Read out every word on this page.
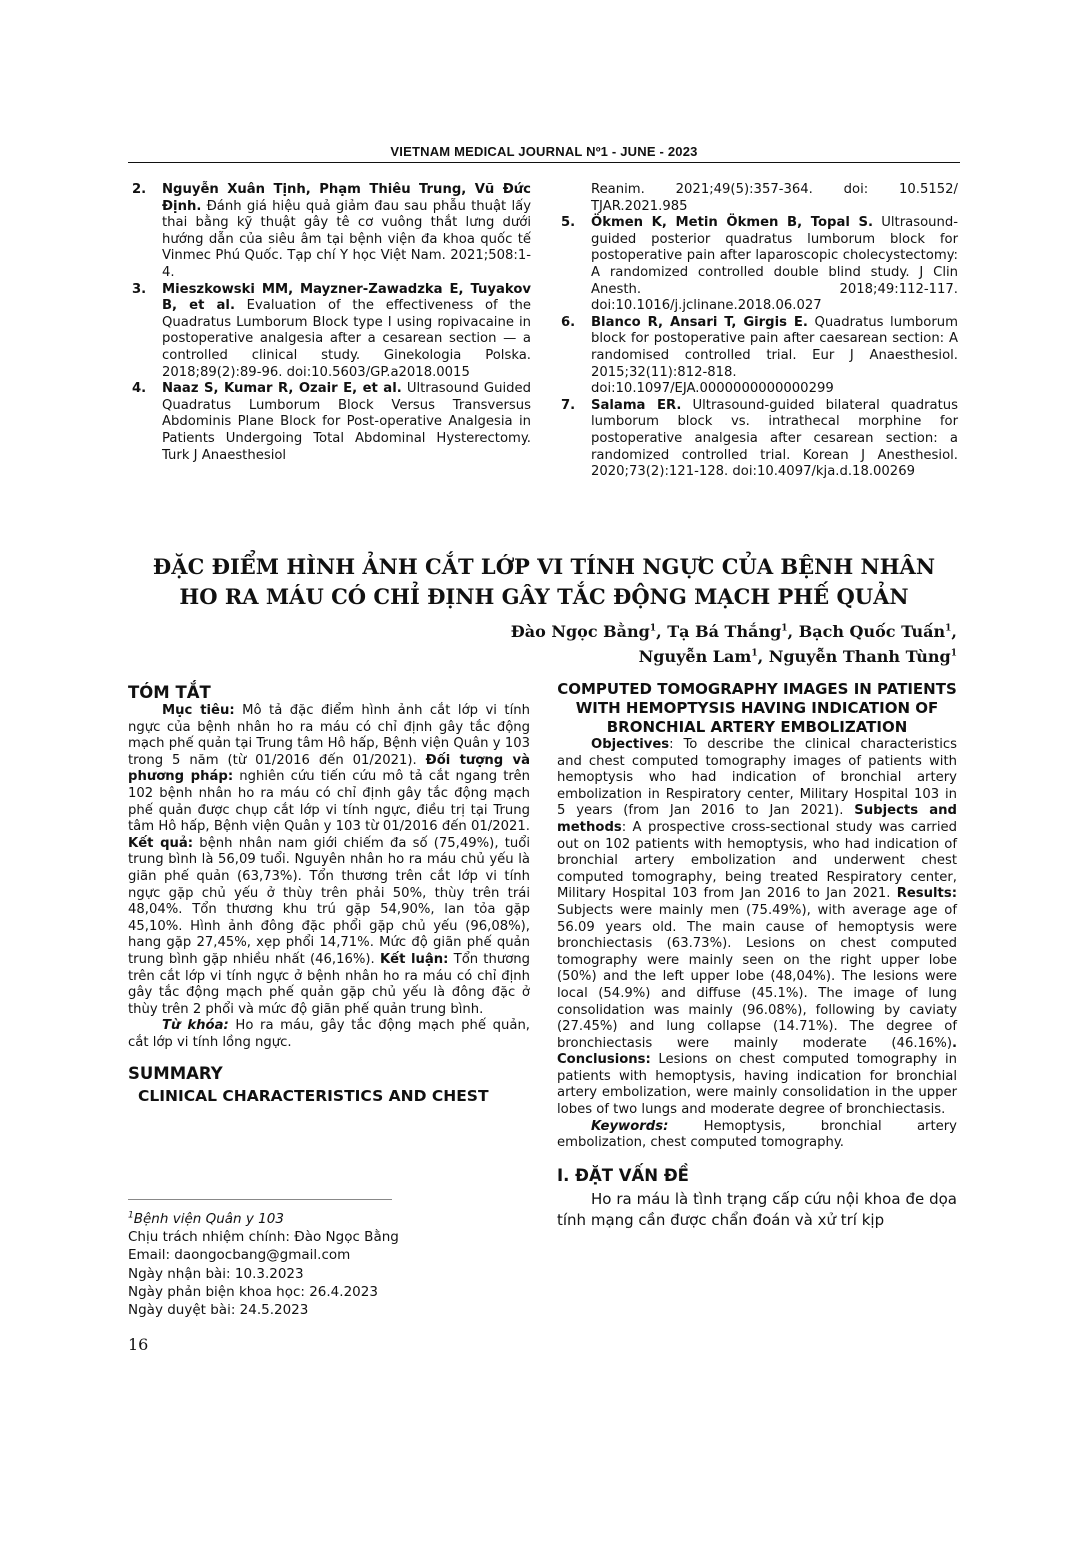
VIETNAM MEDICAL JOURNAL Nº1 - JUNE - 2023
2. Nguyễn Xuân Tịnh, Phạm Thiêu Trung, Vũ Đức Định. Đánh giá hiệu quả giảm đau sau phẫu thuật lấy thai bằng kỹ thuật gây tê cơ vuông thắt lưng dưới hướng dẫn của siêu âm tại bệnh viện đa khoa quốc tế Vinmec Phú Quốc. Tạp chí Y học Việt Nam. 2021;508:1-4.
3. Mieszkowski MM, Mayzner-Zawadzka E, Tuyakov B, et al. Evaluation of the effectiveness of the Quadratus Lumborum Block type I using ropivacaine in postoperative analgesia after a cesarean section — a controlled clinical study. Ginekologia Polska. 2018;89(2):89-96. doi:10.5603/GP.a2018.0015
4. Naaz S, Kumar R, Ozair E, et al. Ultrasound Guided Quadratus Lumborum Block Versus Transversus Abdominis Plane Block for Post-operative Analgesia in Patients Undergoing Total Abdominal Hysterectomy. Turk J Anaesthesiol
Reanim. 2021;49(5):357-364. doi: 10.5152/ TJAR.2021.985
5. Ökmen K, Metin Ökmen B, Topal S. Ultrasound-guided posterior quadratus lumborum block for postoperative pain after laparoscopic cholecystectomy: A randomized controlled double blind study. J Clin Anesth. 2018;49:112-117. doi:10.1016/j.jclinane.2018.06.027
6. Blanco R, Ansari T, Girgis E. Quadratus lumborum block for postoperative pain after caesarean section: A randomised controlled trial. Eur J Anaesthesiol. 2015;32(11):812-818. doi:10.1097/EJA.0000000000000299
7. Salama ER. Ultrasound-guided bilateral quadratus lumborum block vs. intrathecal morphine for postoperative analgesia after cesarean section: a randomized controlled trial. Korean J Anesthesiol. 2020;73(2):121-128. doi:10.4097/kja.d.18.00269
ĐẶC ĐIỂM HÌNH ẢNH CẮT LỚP VI TÍNH NGỰC CỦA BỆNH NHÂN
HO RA MÁU CÓ CHỈ ĐỊNH GÂY TẮC ĐỘNG MẠCH PHẾ QUẢN
Đào Ngọc Bằng$^1$, Tạ Bá Thắng$^1$, Bạch Quốc Tuấn$^1$,
Nguyễn Lam$^1$, Nguyễn Thanh Tùng$^1$
TÓM TẮT

Mục tiêu: Mô tả đặc điểm hình ảnh cắt lớp vi tính ngực của bệnh nhân ho ra máu có chỉ định gây tắc động mạch phế quản tại Trung tâm Hô hấp, Bệnh viện Quân y 103 trong 5 năm (từ 01/2016 đến 01/2021). Đối tượng và phương pháp: nghiên cứu tiến cứu mô tả cắt ngang trên 102 bệnh nhân ho ra máu có chỉ định gây tắc động mạch phế quản được chụp cắt lớp vi tính ngực, điều trị tại Trung tâm Hô hấp, Bệnh viện Quân y 103 từ 01/2016 đến 01/2021. Kết quả: bệnh nhân nam giới chiếm đa số (75,49%), tuổi trung bình là 56,09 tuổi. Nguyên nhân ho ra máu chủ yếu là giãn phế quản (63,73%). Tổn thương trên cắt lớp vi tính ngực gặp chủ yếu ở thùy trên phải 50%, thùy trên trái 48,04%. Tổn thương khu trú gặp 54,90%, lan tỏa gặp 45,10%. Hình ảnh đông đặc phổi gặp chủ yếu (96,08%), hang gặp 27,45%, xẹp phổi 14,71%. Mức độ giãn phế quản trung bình gặp nhiều nhất (46,16%). Kết luận: Tổn thương trên cắt lớp vi tính ngực ở bệnh nhân ho ra máu có chỉ định gây tắc động mạch phế quản gặp chủ yếu là đông đặc ở thùy trên 2 phổi và mức độ giãn phế quản trung bình.

Từ khóa: Ho ra máu, gây tắc động mạch phế quản, cắt lớp vi tính lồng ngực.

SUMMARY
CLINICAL CHARACTERISTICS AND CHEST
COMPUTED TOMOGRAPHY IMAGES IN PATIENTS WITH HEMOPTYSIS HAVING INDICATION OF BRONCHIAL ARTERY EMBOLIZATION

Objectives: To describe the clinical characteristics and chest computed tomography images of patients with hemoptysis who had indication of bronchial artery embolization in Respiratory center, Military Hospital 103 in 5 years (from Jan 2016 to Jan 2021). Subjects and methods: A prospective cross-sectional study was carried out on 102 patients with hemoptysis, who had indication of bronchial artery embolization and underwent chest computed tomography, being treated Respiratory center, Military Hospital 103 from Jan 2016 to Jan 2021. Results: Subjects were mainly men (75.49%), with average age of 56.09 years old. The main cause of hemoptysis were bronchiectasis (63.73%). Lesions on chest computed tomography were mainly seen on the right upper lobe (50%) and the left upper lobe (48,04%). The lesions were local (54.9%) and diffuse (45.1%). The image of lung consolidation was mainly (96.08%), following by caviaty (27.45%) and lung collapse (14.71%). The degree of bronchiectasis were mainly moderate (46.16%). Conclusions: Lesions on chest computed tomography in patients with hemoptysis, having indication for bronchial artery embolization, were mainly consolidation in the upper lobes of two lungs and moderate degree of bronchiectasis.

Keywords: Hemoptysis, bronchial artery embolization, chest computed tomography.

I. ĐẶT VẤN ĐỀ

Ho ra máu là tình trạng cấp cứu nội khoa đe dọa tính mạng cần được chẩn đoán và xử trí kịp

$^1$Bệnh viện Quân y 103
Chịu trách nhiệm chính: Đào Ngọc Bằng
Email: daongocbang@gmail.com
Ngày nhận bài: 10.3.2023
Ngày phản biện khoa học: 26.4.2023
Ngày duyệt bài: 24.5.2023
16
